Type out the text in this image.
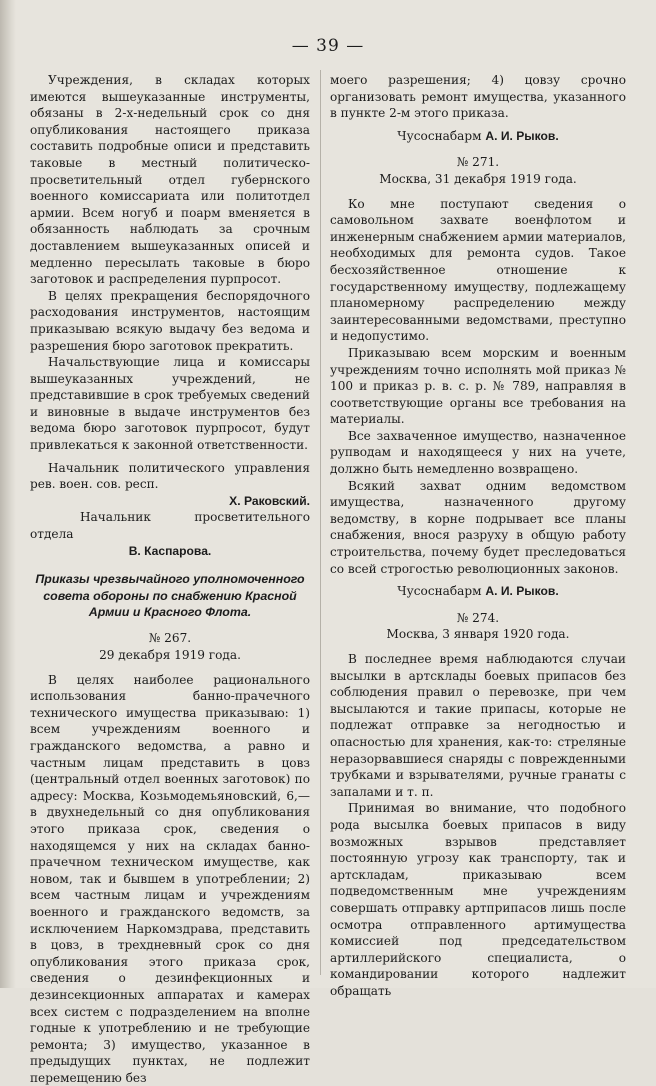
— 39 —

Учреждения, в складах которых имеются вышеуказанные инструменты, обязаны в 2-х-недельный срок со дня опубликования настоящего приказа составить подробные описи и представить таковые в местный политическо-просветительный отдел губернского военного комиссариата или политотдел армии. Всем ногуб и поарм вменяется в обязанность наблюдать за срочным доставлением вышеуказанных описей и медленно пересылать таковые в бюро заготовок и распределения пурпросот.

В целях прекращения беспорядочного расходования инструментов, настоящим приказываю всякую выдачу без ведома и разрешения бюро заготовок прекратить.

Начальствующие лица и комиссары вышеуказанных учреждений, не представившие в срок требуемых сведений и виновные в выдаче инструментов без ведома бюро заготовок пурпросот, будут привлекаться к законной ответственности.

Начальник политического управления рев. воен. сов. респ.

Х. Раковский.

Начальник просветительного отдела

В. Каспарова.

Приказы чрезвычайного уполномоченного совета обороны по снабжению Красной Армии и Красного Флота.

№ 267.

29 декабря 1919 года.

В целях наиболее рационального использования банно-прачечного технического имущества приказываю: 1) всем учреждениям военного и гражданского ведомства, а равно и частным лицам представить в цовз (центральный отдел военных заготовок) по адресу: Москва, Козьмодемьяновский, 6,—в двухнедельный со дня опубликования этого приказа срок, сведения о находящемся у них на складах банно-прачечном техническом имуществе, как новом, так и бывшем в употреблении; 2) всем частным лицам и учреждениям военного и гражданского ведомств, за исключением Наркомздрава, представить в цовз, в трехдневный срок со дня опубликования этого приказа срок, сведения о дезинфекционных и дезинсекционных аппаратах и камерах всех систем с подразделением на вполне годные к употреблению и не требующие ремонта; 3) имущество, указанное в предыдущих пунктах, не подлежит перемещению без

моего разрешения; 4) цовзу срочно организовать ремонт имущества, указанного в пункте 2-м этого приказа.

Чусоснабарм А. И. Рыков.

№ 271.

Москва, 31 декабря 1919 года.

Ко мне поступают сведения о самовольном захвате военфлотом и инженерным снабжением армии материалов, необходимых для ремонта судов. Такое бесхозяйственное отношение к государственному имуществу, подлежащему планомерному распределению между заинтересованными ведомствами, преступно и недопустимо.

Приказываю всем морским и военным учреждениям точно исполнять мой приказ № 100 и приказ р. в. с. р. № 789, направляя в соответствующие органы все требования на материалы.

Все захваченное имущество, назначенное рупводам и находящееся у них на учете, должно быть немедленно возвращено.

Всякий захват одним ведомством имущества, назначенного другому ведомству, в корне подрывает все планы снабжения, внося разруху в общую работу строительства, почему будет преследоваться со всей строгостью революционных законов.

Чусоснабарм А. И. Рыков.

№ 274.

Москва, 3 января 1920 года.

В последнее время наблюдаются случаи высылки в артсклады боевых припасов без соблюдения правил о перевозке, при чем высылаются и такие припасы, которые не подлежат отправке за негодностью и опасностью для хранения, как-то: стреляные неразорвавшиеся снаряды с поврежденными трубками и взрывателями, ручные гранаты с запалами и т. п.

Принимая во внимание, что подобного рода высылка боевых припасов в виду возможных взрывов представляет постоянную угрозу как транспорту, так и артскладам, приказываю всем подведомственным мне учреждениям совершать отправку артприпасов лишь после осмотра отправленного артимущества комиссией под председательством артиллерийского специалиста, о командировании которого надлежит обращать
